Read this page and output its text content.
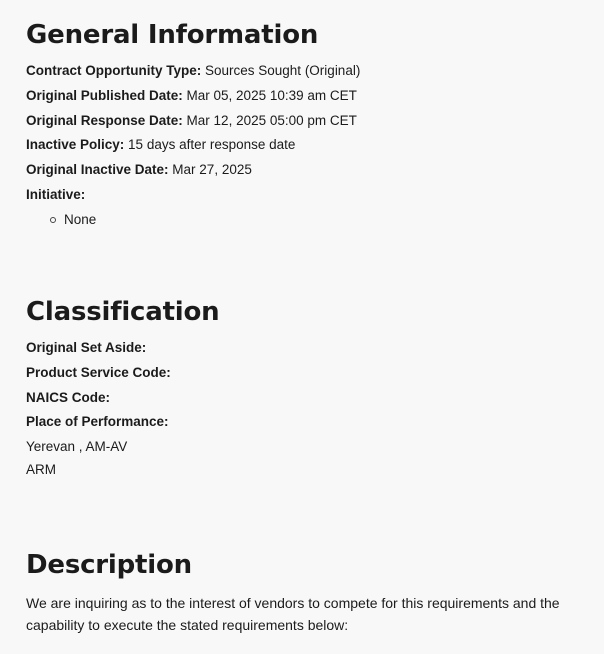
General Information
Contract Opportunity Type: Sources Sought (Original)
Original Published Date: Mar 05, 2025 10:39 am CET
Original Response Date: Mar 12, 2025 05:00 pm CET
Inactive Policy: 15 days after response date
Original Inactive Date: Mar 27, 2025
Initiative:
None
Classification
Original Set Aside:
Product Service Code:
NAICS Code:
Place of Performance:
Yerevan , AM-AV
ARM
Description
We are inquiring as to the interest of vendors to compete for this requirements and the capability to execute the stated requirements below:
